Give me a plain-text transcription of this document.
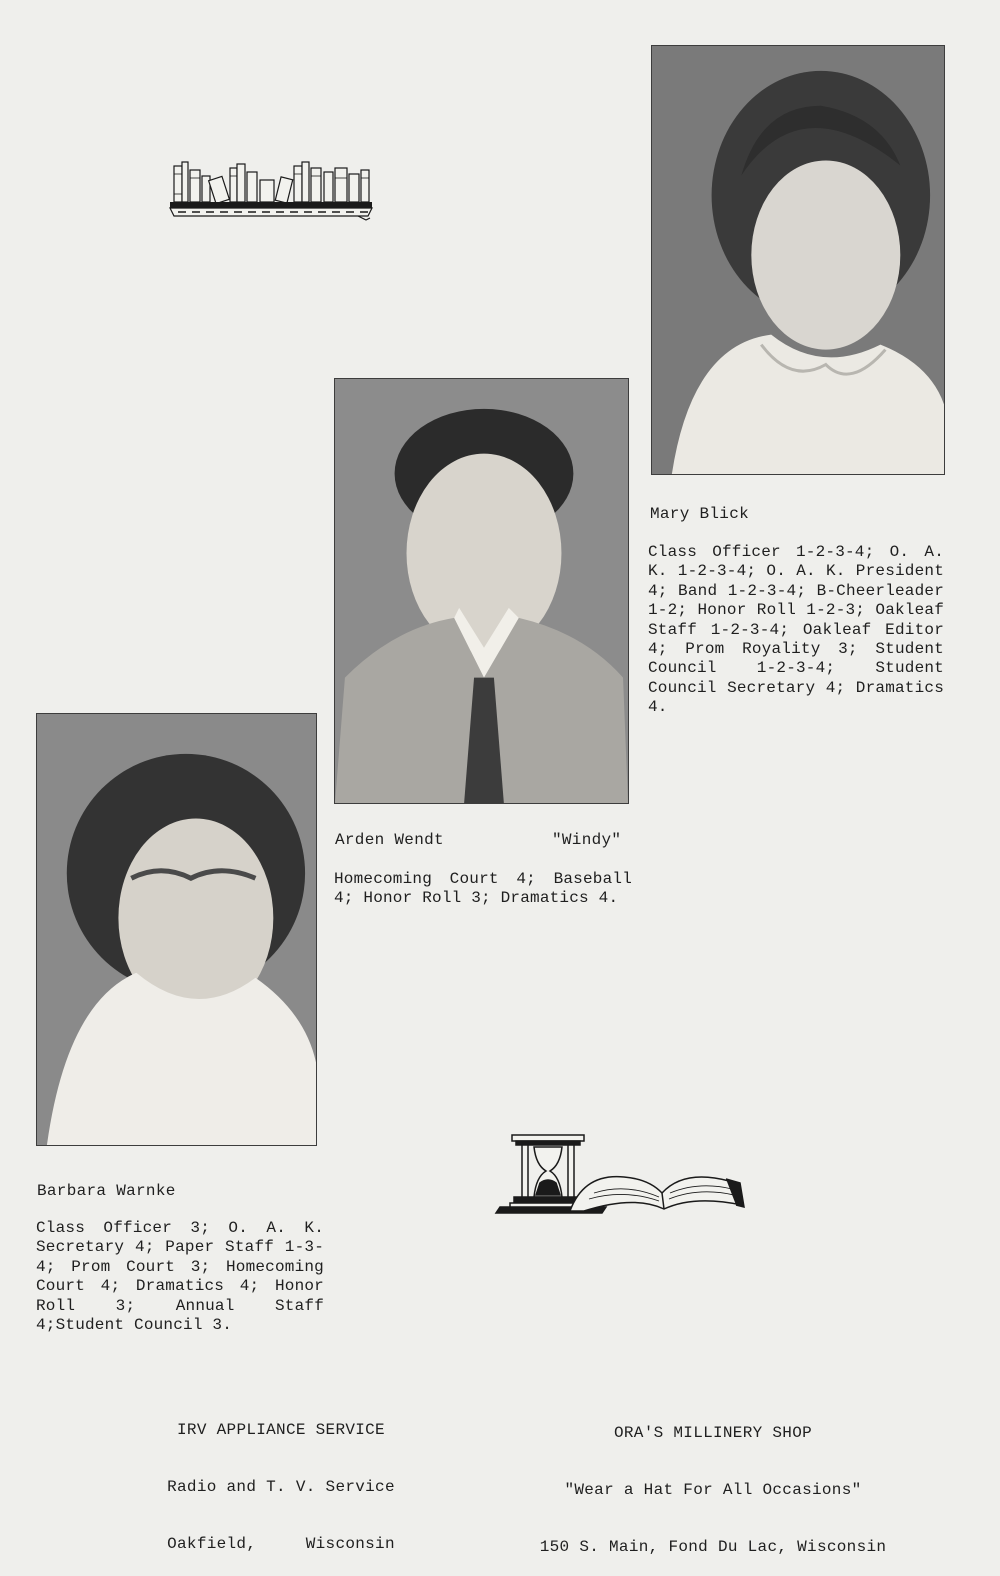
Mary Blick
Class Officer 1-2-3-4; O. A. K. 1-2-3-4; O. A. K. President 4; Band 1-2-3-4; B-Cheerleader 1-2; Honor Roll 1-2-3; Oakleaf Staff 1-2-3-4; Oakleaf Editor 4; Prom Royality 3; Student Council 1-2-3-4; Student Council Secretary 4; Dramatics 4.
Arden Wendt	"Windy"
Homecoming Court 4; Baseball 4; Honor Roll 3; Dramatics 4.
Barbara Warnke
Class Officer 3; O. A. K. Secretary 4; Paper Staff 1-3-4; Prom Court 3; Homecoming Court 4; Dramatics 4; Honor Roll 3; Annual Staff 4;Student Council 3.

IRV APPLIANCE SERVICE

Radio and T. V. Service

Oakfield,     Wisconsin

ORA'S MILLINERY SHOP

"Wear a Hat For All Occasions"

150 S. Main, Fond Du Lac, Wisconsin
